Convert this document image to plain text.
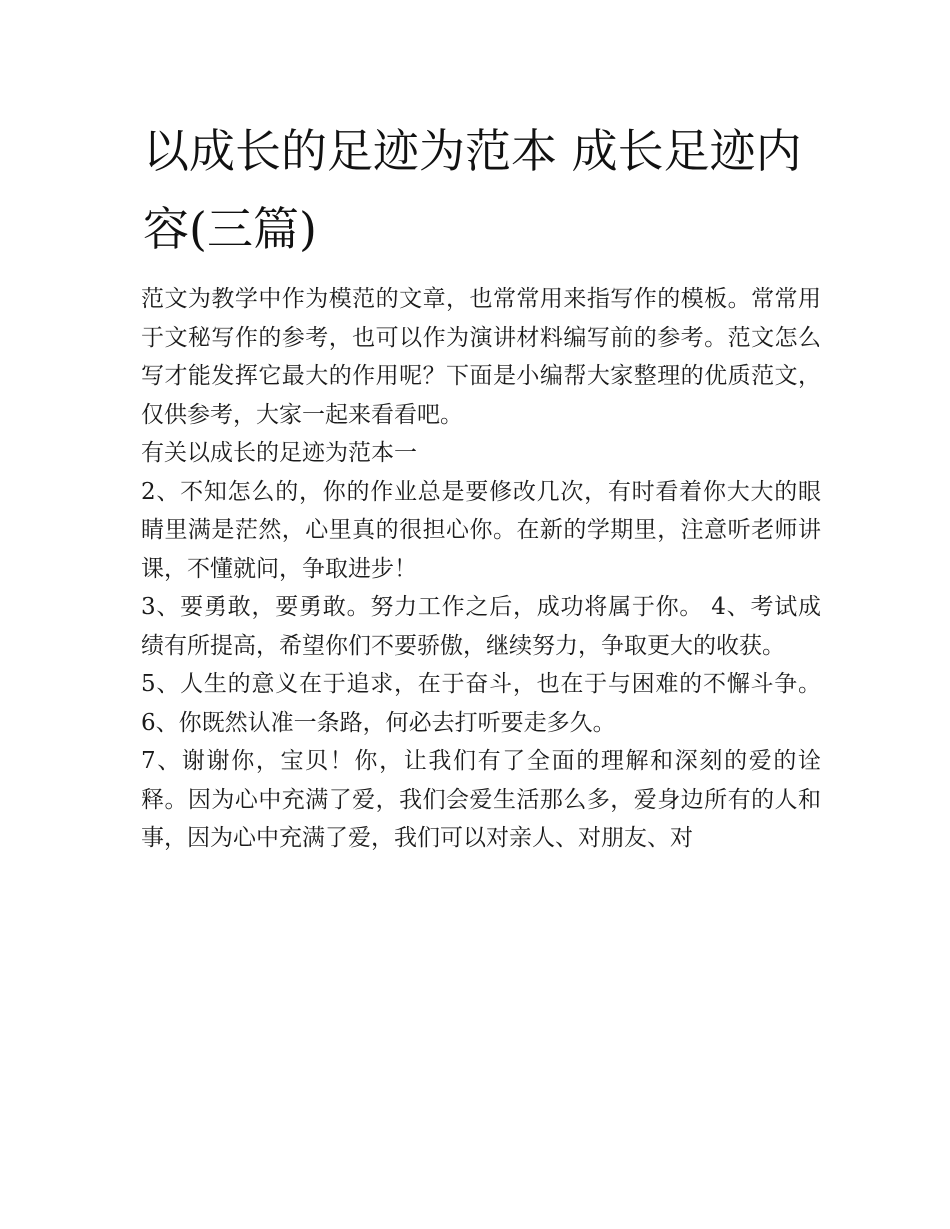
以成长的足迹为范本 成长足迹内容(三篇)

范文为教学中作为模范的文章，也常常用来指写作的模板。常常用于文秘写作的参考，也可以作为演讲材料编写前的参考。范文怎么写才能发挥它最大的作用呢？下面是小编帮大家整理的优质范文，仅供参考，大家一起来看看吧。

有关以成长的足迹为范本一

2、不知怎么的，你的作业总是要修改几次，有时看着你大大的眼睛里满是茫然，心里真的很担心你。在新的学期里，注意听老师讲课，不懂就问，争取进步！

3、要勇敢，要勇敢。努力工作之后，成功将属于你。 4、考试成绩有所提高，希望你们不要骄傲，继续努力，争取更大的收获。

5、人生的意义在于追求，在于奋斗，也在于与困难的不懈斗争。 6、你既然认准一条路，何必去打听要走多久。

7、谢谢你，宝贝！你，让我们有了全面的理解和深刻的爱的诠释。因为心中充满了爱，我们会爱生活那么多，爱身边所有的人和事，因为心中充满了爱，我们可以对亲人、对朋友、对
